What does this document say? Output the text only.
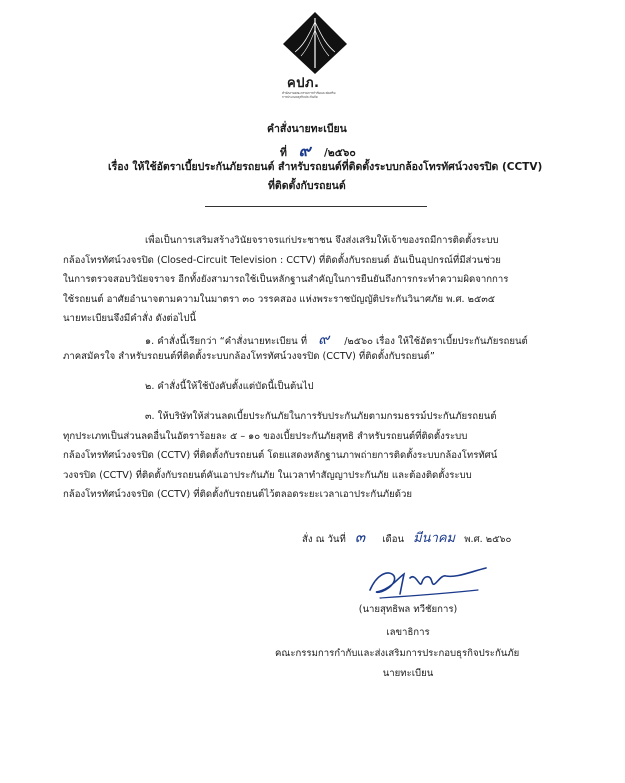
คปภ.
สำนักงานคณะกรรมการกำกับและส่งเสริม
การประกอบธุรกิจประกันภัย
คำสั่งนายทะเบียน
ที่ ๙ /๒๕๖๐
เรื่อง ให้ใช้อัตราเบี้ยประกันภัยรถยนต์ สำหรับรถยนต์ที่ติดตั้งระบบกล้องโทรทัศน์วงจรปิด (CCTV)
ที่ติดตั้งกับรถยนต์
เพื่อเป็นการเสริมสร้างวินัยจราจรแก่ประชาชน จึงส่งเสริมให้เจ้าของรถมีการติดตั้งระบบ
กล้องโทรทัศน์วงจรปิด (Closed-Circuit Television : CCTV) ที่ติดตั้งกับรถยนต์ อันเป็นอุปกรณ์ที่มีส่วนช่วย
ในการตรวจสอบวินัยจราจร อีกทั้งยังสามารถใช้เป็นหลักฐานสำคัญในการยืนยันถึงการกระทำความผิดจากการ
ใช้รถยนต์ อาศัยอำนาจตามความในมาตรา ๓๐ วรรคสอง แห่งพระราชบัญญัติประกันวินาศภัย พ.ศ. ๒๕๓๕
นายทะเบียนจึงมีคำสั่ง ดังต่อไปนี้
๑. คำสั่งนี้เรียกว่า “คำสั่งนายทะเบียน ที่ ๙ /๒๕๖๐ เรื่อง ให้ใช้อัตราเบี้ยประกันภัยรถยนต์
ภาคสมัครใจ สำหรับรถยนต์ที่ติดตั้งระบบกล้องโทรทัศน์วงจรปิด (CCTV) ที่ติดตั้งกับรถยนต์”
๒. คำสั่งนี้ให้ใช้บังคับตั้งแต่บัดนี้เป็นต้นไป
๓. ให้บริษัทให้ส่วนลดเบี้ยประกันภัยในการรับประกันภัยตามกรมธรรม์ประกันภัยรถยนต์
ทุกประเภทเป็นส่วนลดอื่นในอัตราร้อยละ ๕ – ๑๐ ของเบี้ยประกันภัยสุทธิ สำหรับรถยนต์ที่ติดตั้งระบบ
กล้องโทรทัศน์วงจรปิด (CCTV) ที่ติดตั้งกับรถยนต์ โดยแสดงหลักฐานภาพถ่ายการติดตั้งระบบกล้องโทรทัศน์
วงจรปิด (CCTV) ที่ติดตั้งกับรถยนต์คันเอาประกันภัย ในเวลาทำสัญญาประกันภัย และต้องติดตั้งระบบ
กล้องโทรทัศน์วงจรปิด (CCTV) ที่ติดตั้งกับรถยนต์ไว้ตลอดระยะเวลาเอาประกันภัยด้วย
สั่ง ณ วันที่ ๓ เดือน มีนาคม พ.ศ. ๒๕๖๐
(นายสุทธิพล ทวีชัยการ)
เลขาธิการ
คณะกรรมการกำกับและส่งเสริมการประกอบธุรกิจประกันภัย
นายทะเบียน
